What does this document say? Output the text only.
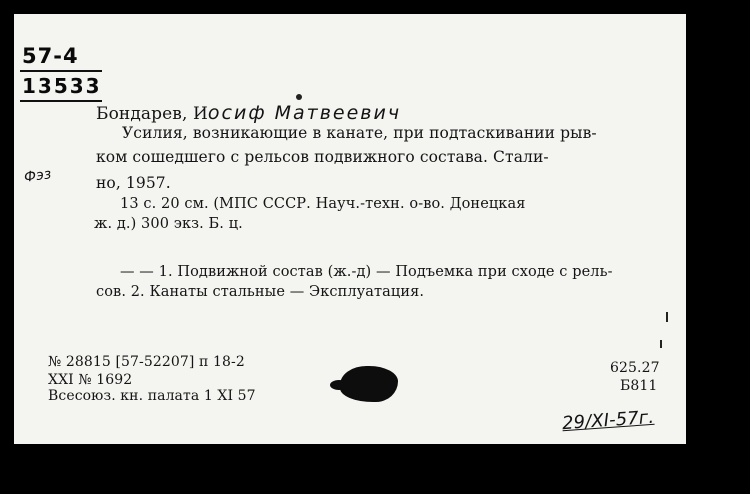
57-4
13533
Бондарев, Иосиф Матвеевич
Фэз
Усилия, возникающие в канате, при подтаскивании рыв-
ком сошедшего с рельсов подвижного состава. Стали-
но, 1957.
13 с. 20 см. (МПС СССР. Науч.-техн. о-во. Донецкая
ж. д.) 300 экз. Б. ц.
— — 1. Подвижной состав (ж.-д) — Подъемка при сходе с рель-
сов. 2. Канаты стальные — Эксплуатация.
№ 28815 [57-52207] п 18-2
XXI № 1692
Всесоюз. кн. палата 1 XI 57
625.27
Б811
29/XI-57г.
